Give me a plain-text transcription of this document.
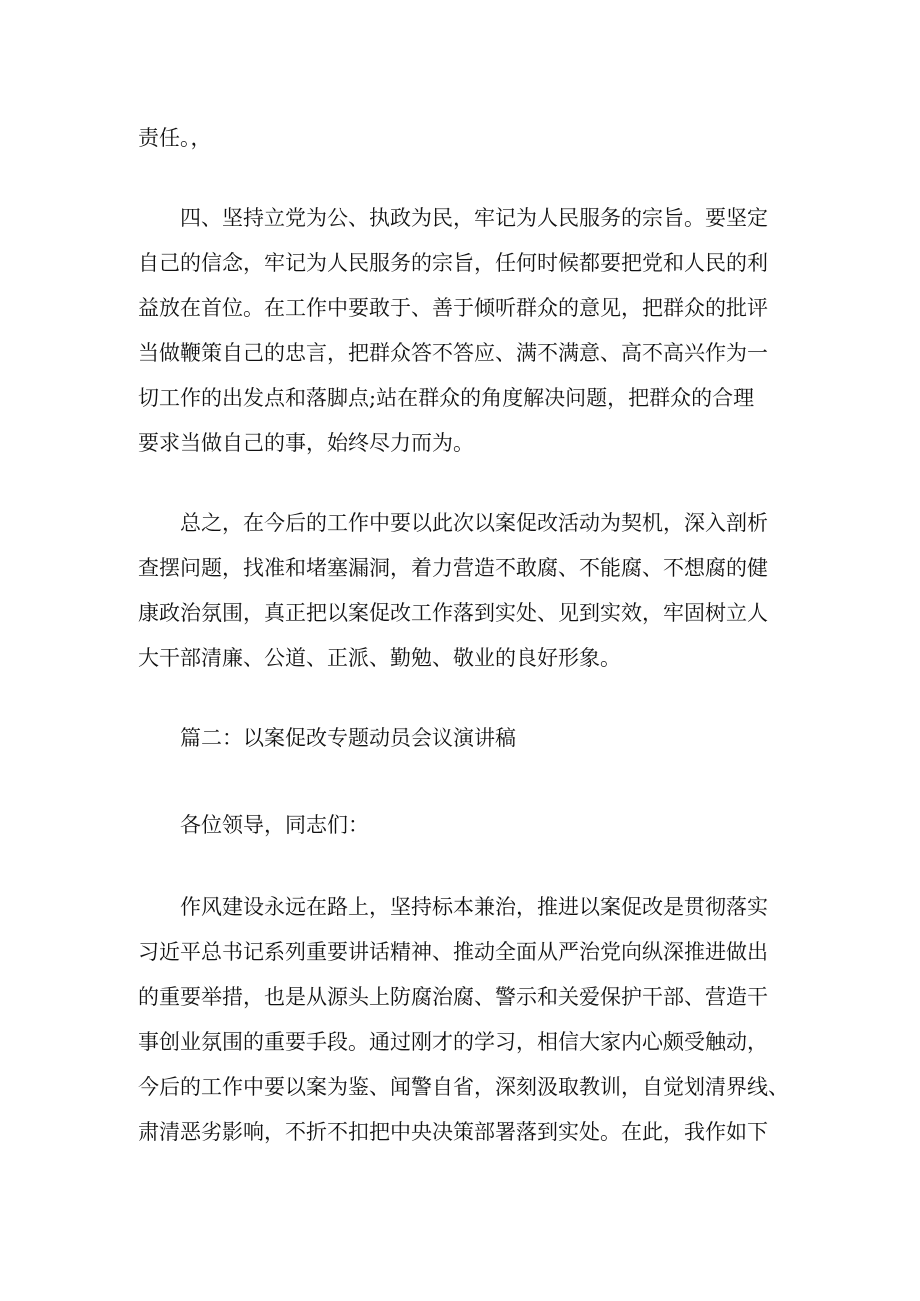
责任。，
四、坚持立党为公、执政为民，牢记为人民服务的宗旨。要坚定
自己的信念，牢记为人民服务的宗旨，任何时候都要把党和人民的利
益放在首位。在工作中要敢于、善于倾听群众的意见，把群众的批评
当做鞭策自己的忠言，把群众答不答应、满不满意、高不高兴作为一
切工作的出发点和落脚点;站在群众的角度解决问题，把群众的合理
要求当做自己的事，始终尽力而为。
总之，在今后的工作中要以此次以案促改活动为契机，深入剖析
查摆问题，找准和堵塞漏洞，着力营造不敢腐、不能腐、不想腐的健
康政治氛围，真正把以案促改工作落到实处、见到实效，牢固树立人
大干部清廉、公道、正派、勤勉、敬业的良好形象。
篇二：以案促改专题动员会议演讲稿
各位领导，同志们：
作风建设永远在路上，坚持标本兼治，推进以案促改是贯彻落实
习近平总书记系列重要讲话精神、推动全面从严治党向纵深推进做出
的重要举措，也是从源头上防腐治腐、警示和关爱保护干部、营造干
事创业氛围的重要手段。通过刚才的学习，相信大家内心颇受触动，
今后的工作中要以案为鉴、闻警自省，深刻汲取教训，自觉划清界线、
肃清恶劣影响，不折不扣把中央决策部署落到实处。在此，我作如下
